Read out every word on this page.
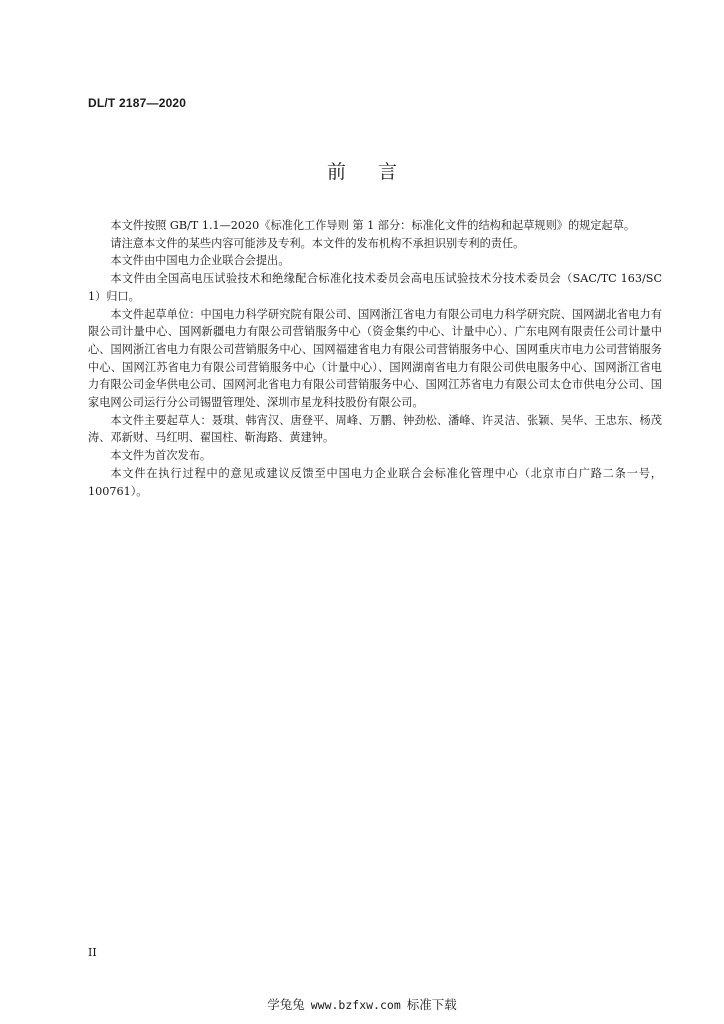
DL/T 2187—2020
前言

本文件按照 GB/T 1.1—2020《标准化工作导则 第 1 部分：标准化文件的结构和起草规则》的规定起草。

请注意本文件的某些内容可能涉及专利。本文件的发布机构不承担识别专利的责任。

本文件由中国电力企业联合会提出。

本文件由全国高电压试验技术和绝缘配合标准化技术委员会高电压试验技术分技术委员会（SAC/TC 163/SC 1）归口。

本文件起草单位：中国电力科学研究院有限公司、国网浙江省电力有限公司电力科学研究院、国网湖北省电力有限公司计量中心、国网新疆电力有限公司营销服务中心（资金集约中心、计量中心）、广东电网有限责任公司计量中心、国网浙江省电力有限公司营销服务中心、国网福建省电力有限公司营销服务中心、国网重庆市电力公司营销服务中心、国网江苏省电力有限公司营销服务中心（计量中心）、国网湖南省电力有限公司供电服务中心、国网浙江省电力有限公司金华供电公司、国网河北省电力有限公司营销服务中心、国网江苏省电力有限公司太仓市供电分公司、国家电网公司运行分公司锡盟管理处、深圳市星龙科技股份有限公司。

本文件主要起草人：聂琪、韩宵汉、唐登平、周峰、万鹏、钟劲松、潘峰、许灵洁、张颖、吴华、王忠东、杨茂涛、邓新财、马红明、翟国柱、靳海路、黄建钟。

本文件为首次发布。

本文件在执行过程中的意见或建议反馈至中国电力企业联合会标准化管理中心（北京市白广路二条一号，100761）。

II
学兔兔 www.bzfxw.com 标准下载
